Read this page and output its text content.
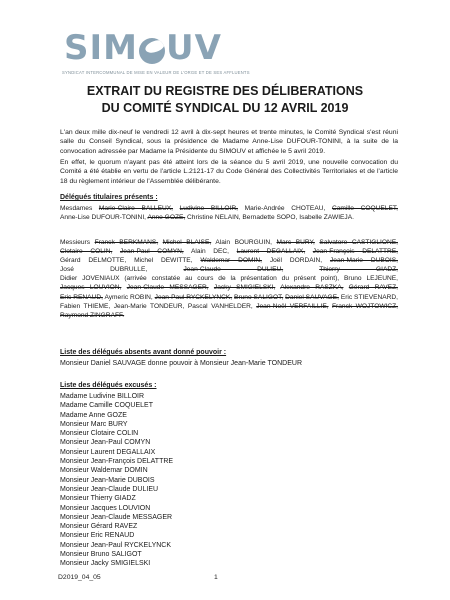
SIM UV
SYNDICAT INTERCOMMUNAL DE MISE EN VALEUR DE L'ORGE ET DE SES AFFLUENTS
EXTRAIT DU REGISTRE DES DÉLIBERATIONS
DU COMITÉ SYNDICAL DU 12 AVRIL 2019
L'an deux mille dix-neuf le vendredi 12 avril à dix-sept heures et trente minutes, le Comité Syndical s'est réuni salle du Conseil Syndical, sous la présidence de Madame Anne-Lise DUFOUR-TONINI, à la suite de la convocation adressée par Madame la Présidente du SIMOUV et affichée le 5 avril 2019.
En effet, le quorum n'ayant pas été atteint lors de la séance du 5 avril 2019, une nouvelle convocation du Comité a été établie en vertu de l'article L.2121-17 du Code Général des Collectivités Territoriales et de l'article 18 du règlement intérieur de l'Assemblée délibérante.
Délégués titulaires présents :
Mesdames Marie-Claire BALLEUX, Ludivine BILLOIR, Marie-Andrée CHOTEAU, Camille COQUELET, Anne-Lise DUFOUR-TONINI, Anne GOZE, Christine NELAIN, Bernadette SOPO, Isabelle ZAWIEJA.
Messieurs Franck BERKMANS, Michel BLAISE, Alain BOURGUIN, Marc BURY, Salvatore CASTIGLIONE, Clotaire COLIN, Jean-Paul COMYN, Alain DEC, Laurent DEGALLAIX, Jean-François DELATTRE, Gérard DELMOTTE, Michel DEWITTE, Waldemar DOMIN, Joël DORDAIN, Jean-Marie DUBOIS, José DUBRULLE,	Jean-Claude DULIEU,	Thierry GIADZ, Didier JOVENIAUX (arrivée constatée au cours de la présentation du présent point), Bruno LEJEUNE, Jacques LOUVION, Jean-Claude MESSAGER, Jacky SMIGIELSKI, Alexandre RASZKA, Gérard RAVEZ, Eric RENAUD, Aymeric ROBIN, Jean-Paul RYCKELYNCK, Bruno SALIGOT, Daniel SAUVAGE, Eric STIEVENARD, Fabien THIEME, Jean-Marie TONDEUR, Pascal VANHELDER, Jean-Noël VERFAILLIE, Franck WOJTOWICZ, Raymond ZINGRAFF.
Liste des délégués absents avant donné pouvoir :
Monsieur Daniel SAUVAGE donne pouvoir à Monsieur Jean-Marie TONDEUR
Liste des délégués excusés :
Madame Ludivine BILLOIR
Madame Camille COQUELET
Madame Anne GOZE
Monsieur Marc BURY
Monsieur Clotaire COLIN
Monsieur Jean-Paul COMYN
Monsieur Laurent DEGALLAIX
Monsieur Jean-François DELATTRE
Monsieur Waldemar DOMIN
Monsieur Jean-Marie DUBOIS
Monsieur Jean-Claude DULIEU
Monsieur Thierry GIADZ
Monsieur Jacques LOUVION
Monsieur Jean-Claude MESSAGER
Monsieur Gérard RAVEZ
Monsieur Eric RENAUD
Monsieur Jean-Paul RYCKELYNCK
Monsieur Bruno SALIGOT
Monsieur Jacky SMIGIELSKI
D2019_04_05	1
